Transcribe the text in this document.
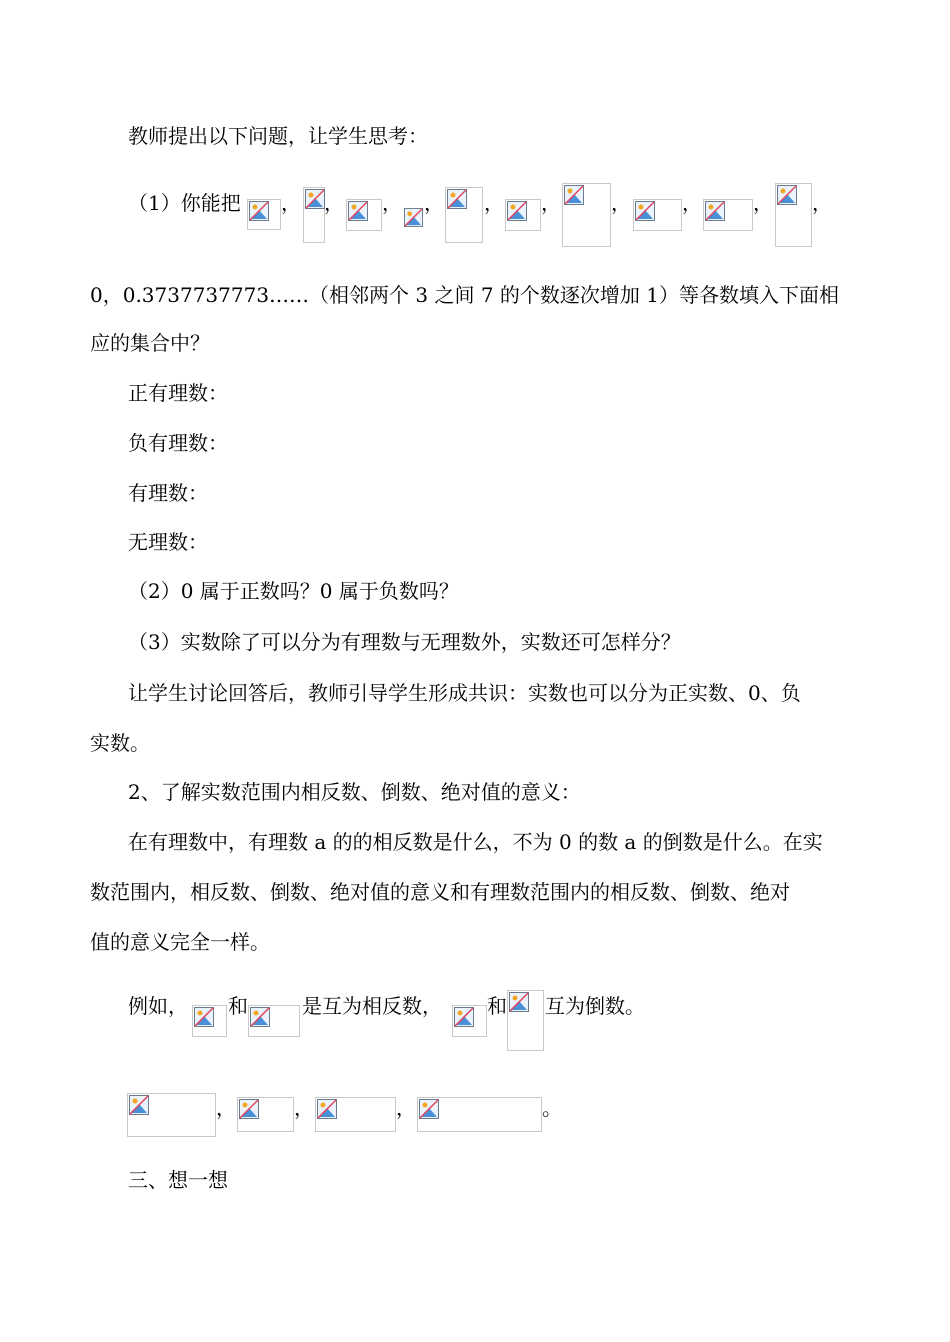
教师提出以下问题，让学生思考：
（1）你能把 ， ， ， ， ， ，	，	，	， ，
0，0.3737737773……（相邻两个 3 之间 7 的个数逐次增加 1）等各数填入下面相
应的集合中？
正有理数：
负有理数：
有理数：
无理数：
（2）0 属于正数吗？0 属于负数吗？
（3）实数除了可以分为有理数与无理数外，实数还可怎样分？
让学生讨论回答后，教师引导学生形成共识：实数也可以分为正实数、0、负
实数。
2、了解实数范围内相反数、倒数、绝对值的意义：
在有理数中，有理数 a 的的相反数是什么，不为 0 的数 a 的倒数是什么。在实
数范围内，相反数、倒数、绝对值的意义和有理数范围内的相反数、倒数、绝对
值的意义完全一样。
例如， 和	是互为相反数， 和 互为倒数。
，	，	，	。
三、想一想
